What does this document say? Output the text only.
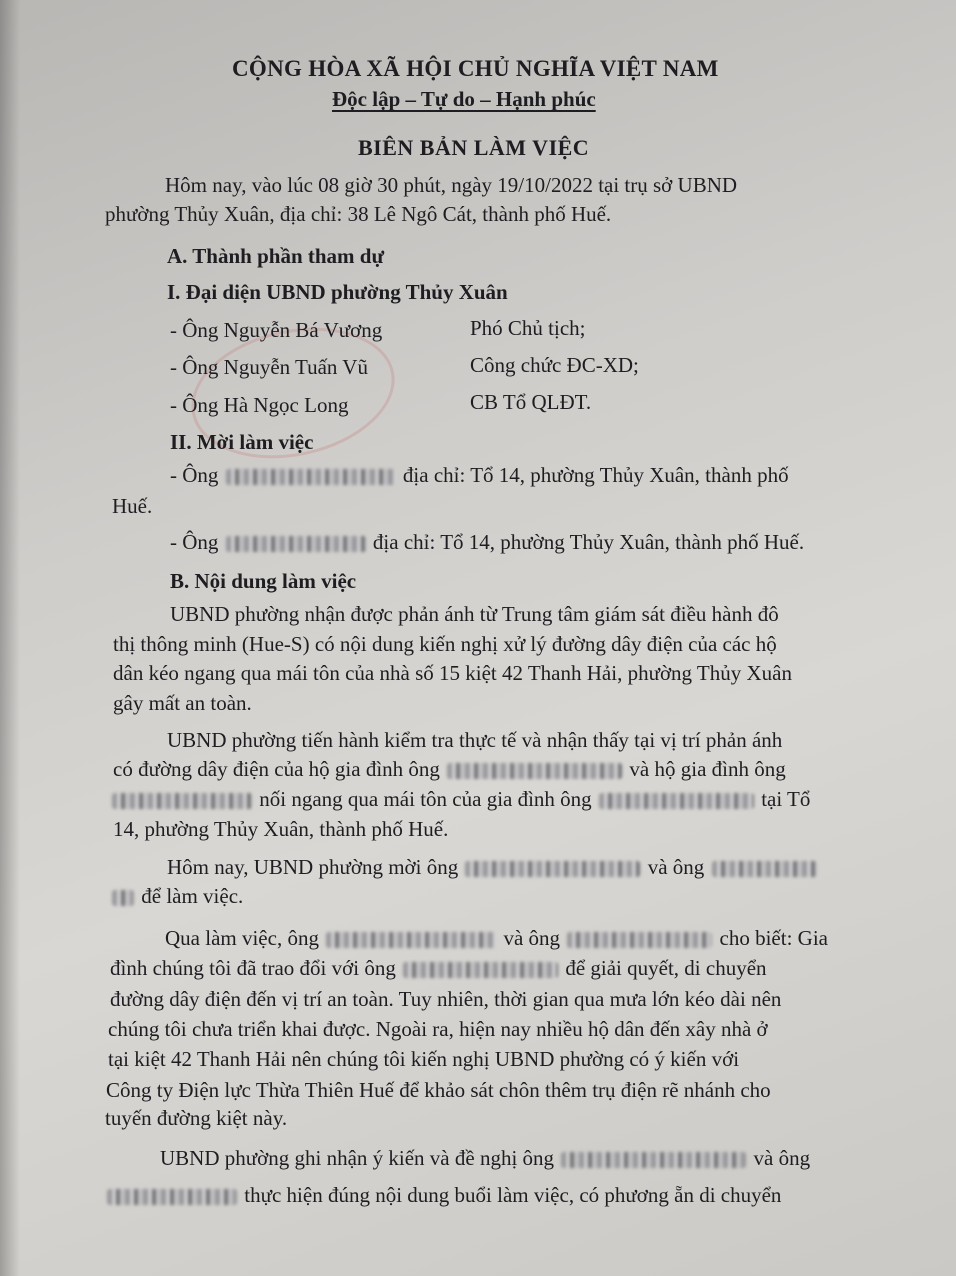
CỘNG HÒA XÃ HỘI CHỦ NGHĨA VIỆT NAM
Độc lập – Tự do – Hạnh phúc
BIÊN BẢN LÀM VIỆC
Hôm nay, vào lúc 08 giờ 30 phút, ngày 19/10/2022 tại trụ sở UBND
phường Thủy Xuân, địa chỉ: 38 Lê Ngô Cát, thành phố Huế.
A. Thành phần tham dự
I. Đại diện UBND phường Thủy Xuân
- Ông Nguyễn Bá Vương	Phó Chủ tịch;
- Ông Nguyễn Tuấn Vũ	Công chức ĐC-XD;
- Ông Hà Ngọc Long	CB Tổ QLĐT.
II. Mời làm việc
- Ông	địa chỉ: Tổ 14, phường Thủy Xuân, thành phố
Huế.
- Ông	địa chỉ: Tổ 14, phường Thủy Xuân, thành phố Huế.
B. Nội dung làm việc
UBND phường nhận được phản ánh từ Trung tâm giám sát điều hành đô
thị thông minh (Hue-S) có nội dung kiến nghị xử lý đường dây điện của các hộ
dân kéo ngang qua mái tôn của nhà số 15 kiệt 42 Thanh Hải, phường Thủy Xuân
gây mất an toàn.
UBND phường tiến hành kiểm tra thực tế và nhận thấy tại vị trí phản ánh
có đường dây điện của hộ gia đình ông	và hộ gia đình ông
nối ngang qua mái tôn của gia đình ông	tại Tổ
14, phường Thủy Xuân, thành phố Huế.
Hôm nay, UBND phường mời ông	và ông
để làm việc.
Qua làm việc, ông	và ông	cho biết: Gia
đình chúng tôi đã trao đổi với ông	để giải quyết, di chuyển
đường dây điện đến vị trí an toàn. Tuy nhiên, thời gian qua mưa lớn kéo dài nên
chúng tôi chưa triển khai được. Ngoài ra, hiện nay nhiều hộ dân đến xây nhà ở
tại kiệt 42 Thanh Hải nên chúng tôi kiến nghị UBND phường có ý kiến với
Công ty Điện lực Thừa Thiên Huế để khảo sát chôn thêm trụ điện rẽ nhánh cho
tuyến đường kiệt này.
UBND phường ghi nhận ý kiến và đề nghị ông	và ông
thực hiện đúng nội dung buổi làm việc, có phương ẵn di chuyển
